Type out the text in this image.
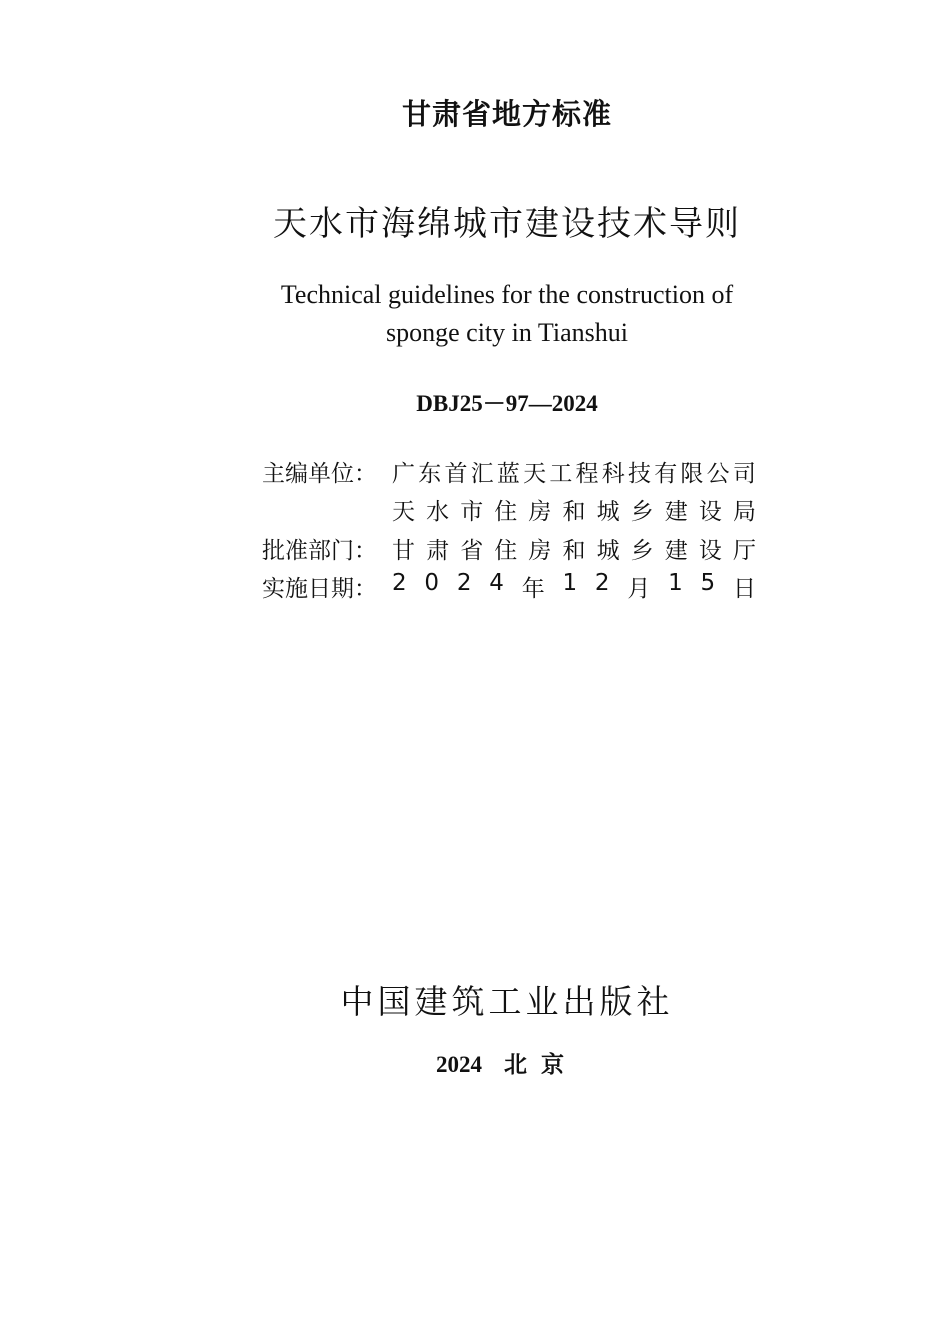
甘肃省地方标准
天水市海绵城市建设技术导则
Technical guidelines for the construction of
sponge city in Tianshui
DBJ25－97—2024
主编单位： 广 东 首 汇 蓝 天 工 程 科 技 有 限 公 司
天 水 市 住 房 和 城 乡 建 设 局
批准部门： 甘 肃 省 住 房 和 城 乡 建 设 厅
实施日期： 2 0 2 4 年 1 2 月 1 5 日
中国建筑工业出版社
2024 北京
